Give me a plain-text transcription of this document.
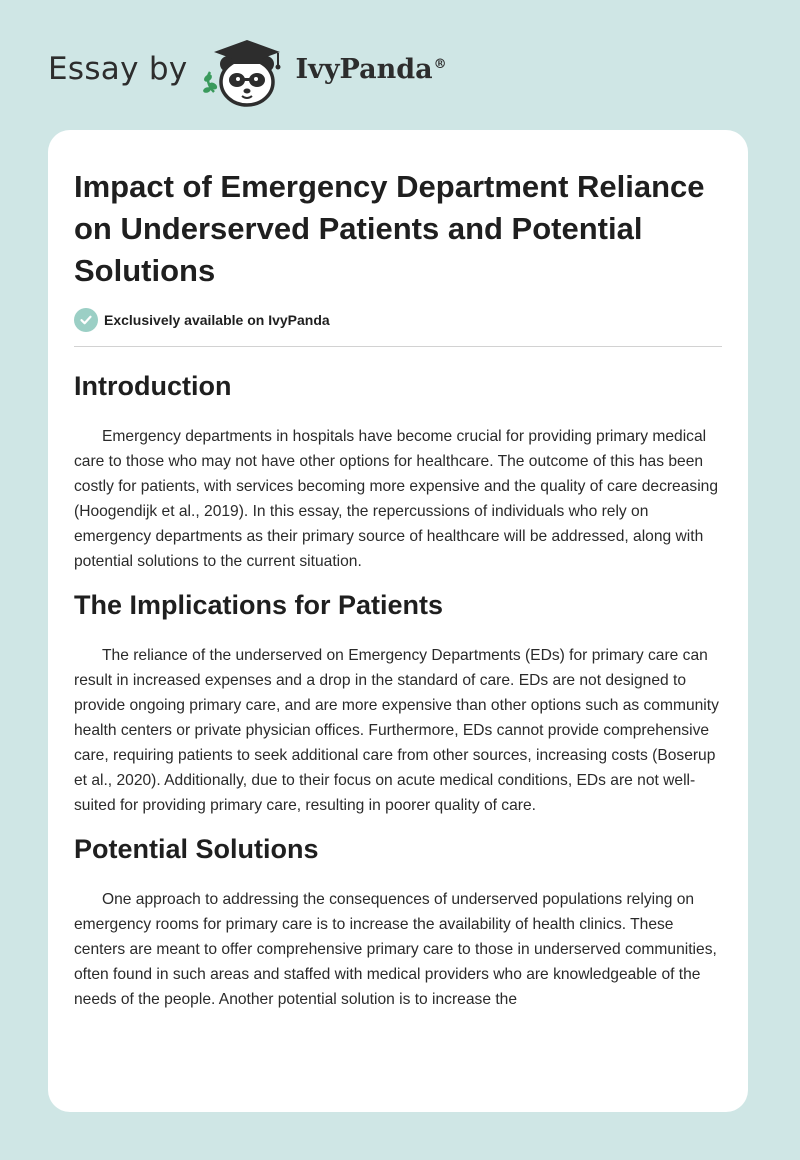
Essay by	IvyPanda®
Impact of Emergency Department Reliance on Underserved Patients and Potential Solutions
Exclusively available on IvyPanda
Introduction

Emergency departments in hospitals have become crucial for providing primary medical care to those who may not have other options for healthcare. The outcome of this has been costly for patients, with services becoming more expensive and the quality of care decreasing (Hoogendijk et al., 2019). In this essay, the repercussions of individuals who rely on emergency departments as their primary source of healthcare will be addressed, along with potential solutions to the current situation.

The Implications for Patients

The reliance of the underserved on Emergency Departments (EDs) for primary care can result in increased expenses and a drop in the standard of care. EDs are not designed to provide ongoing primary care, and are more expensive than other options such as community health centers or private physician offices. Furthermore, EDs cannot provide comprehensive care, requiring patients to seek additional care from other sources, increasing costs (Boserup et al., 2020). Additionally, due to their focus on acute medical conditions, EDs are not well-suited for providing primary care, resulting in poorer quality of care.

Potential Solutions

One approach to addressing the consequences of underserved populations relying on emergency rooms for primary care is to increase the availability of health clinics. These centers are meant to offer comprehensive primary care to those in underserved communities, often found in such areas and staffed with medical providers who are knowledgeable of the needs of the people. Another potential solution is to increase the
